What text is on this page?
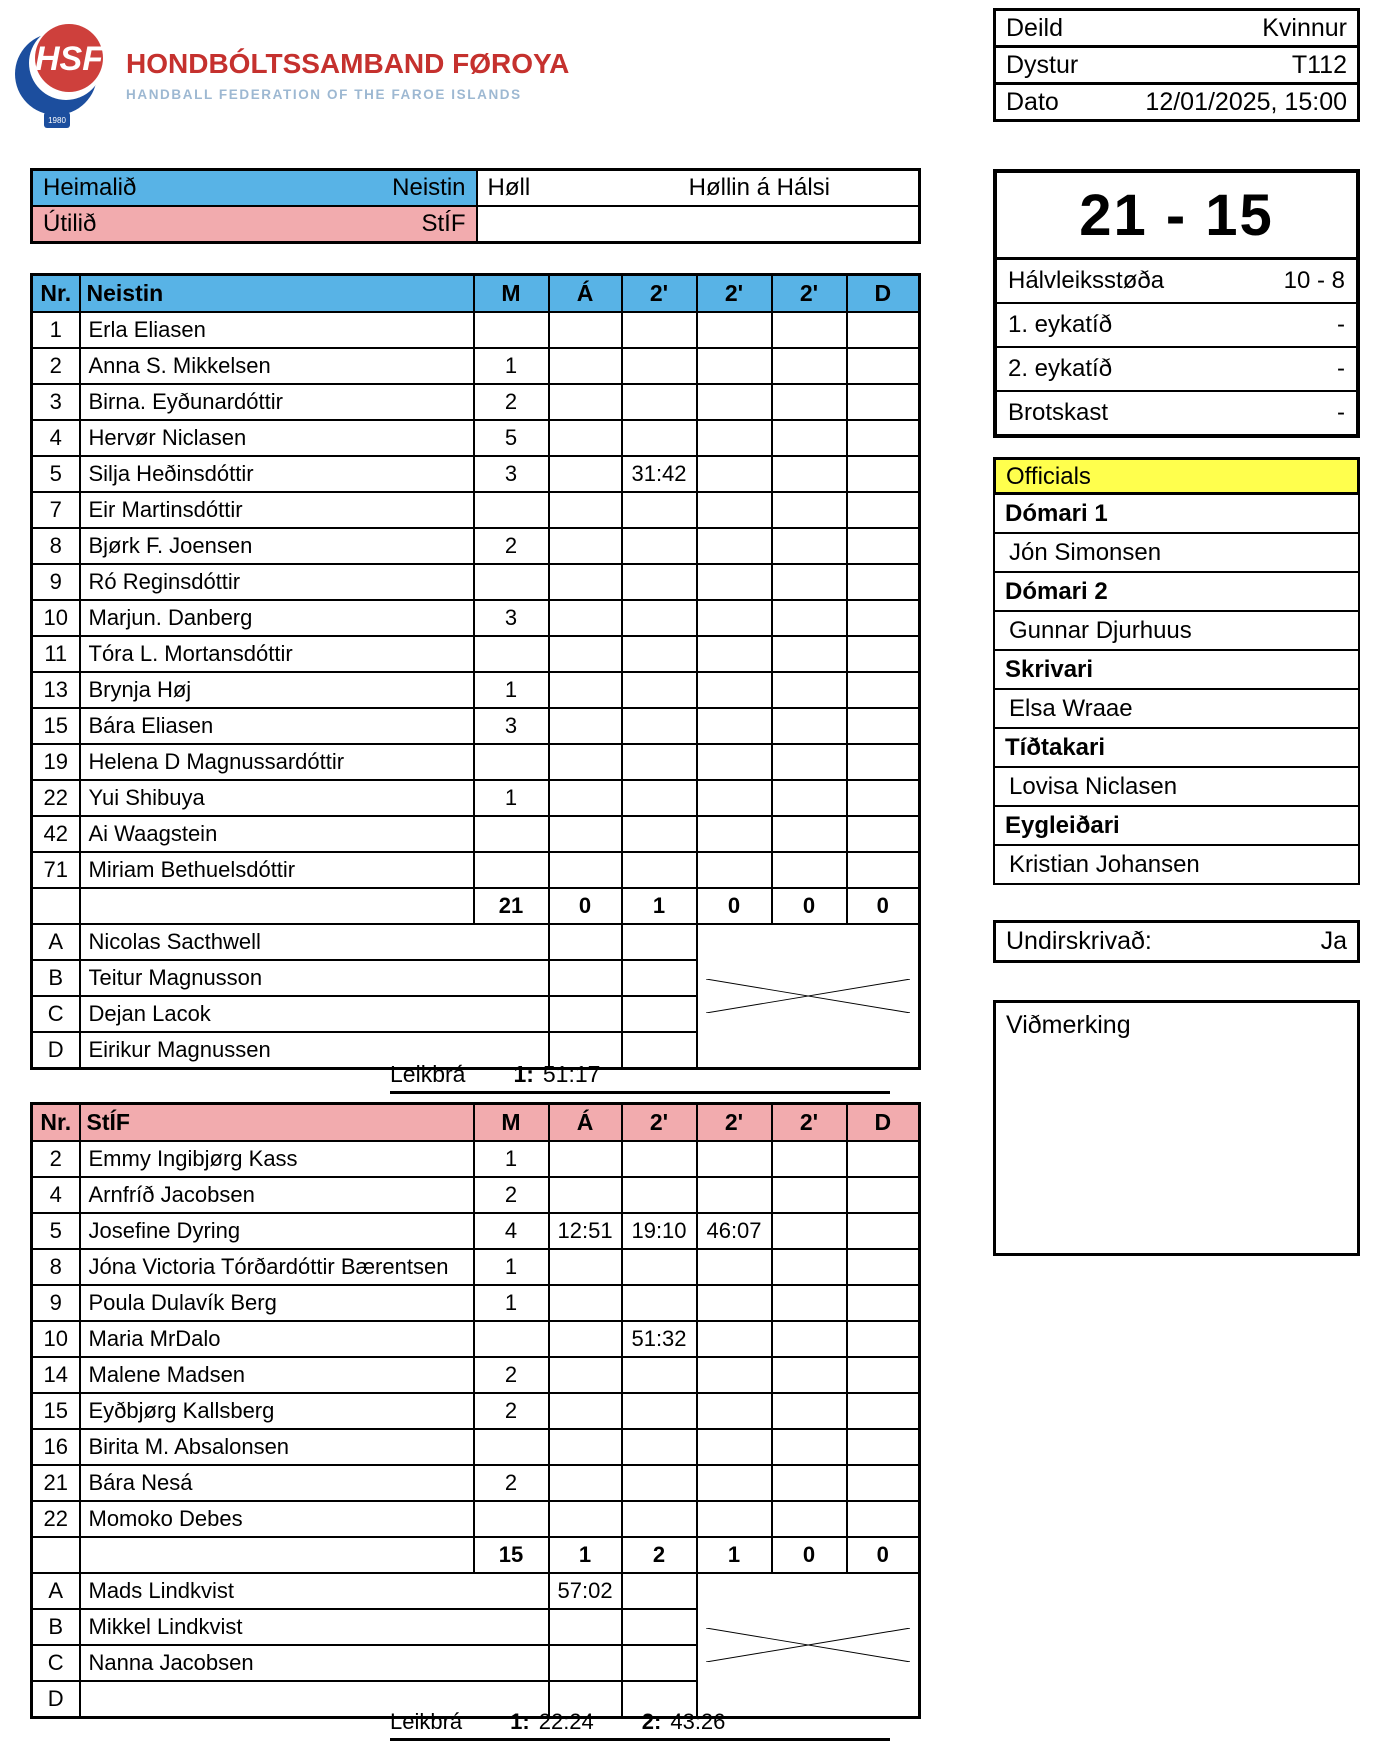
HSF
1980
HONDBÓLTSSAMBAND FØROYA
HANDBALL FEDERATION OF THE FAROE ISLANDS
Deild	Kvinnur
Dystur	T112
Dato	12/01/2025, 15:00
Heimalið Neistin	Høll Høllin á Hálsi

Útilið StÍF	
		21 - 15
Hálvleiksstøða	10 - 8
1. eykatíð	-
2. eykatíð	-
Brotskast	-
Officials
Dómari 1
Jón Simonsen
Dómari 2
Gunnar Djurhuus
Skrivari
Elsa Wraae
Tíðtakari
Lovisa Niclasen
Eygleiðari
Kristian Johansen
Undirskrivað:	Ja
Viðmerking
Nr.	Neistin	M	Á	2'	2'	2'	D
1	Erla Eliasen						
2	Anna S. Mikkelsen	1					
3	Birna. Eyðunardóttir	2					
4	Hervør Niclasen	5					
5	Silja Heðinsdóttir	3		31:42			
7	Eir Martinsdóttir						
8	Bjørk F. Joensen	2					
9	Ró Reginsdóttir						
10	Marjun. Danberg	3					
11	Tóra L. Mortansdóttir						
13	Brynja Høj	1					
15	Bára Eliasen	3					
19	Helena D Magnussardóttir						
22	Yui Shibuya	1					
42	Ai Waagstein						
71	Miriam Bethuelsdóttir						
		21	0	1	0	0	0
A	Nicolas Sacthwell			

B	Teitur Magnusson						
C	Dejan Lacok						
D	Eirikur Magnussen						
Leikbrá 1: 51:17
Nr.	StÍF	M	Á	2'	2'	2'	D
2	Emmy Ingibjørg Kass	1					
4	Arnfríð Jacobsen	2					
5	Josefine Dyring	4	12:51	19:10	46:07		
8	Jóna Victoria Tórðardóttir Bærentsen	1					
9	Poula Dulavík Berg	1					
10	Maria MrDalo			51:32			
14	Malene Madsen	2					
15	Eyðbjørg Kallsberg	2					
16	Birita M. Absalonsen						
21	Bára Nesá	2					
22	Momoko Debes						
		15	1	2	1	0	0
A	Mads Lindkvist		57:02		

B	Mikkel Lindkvist						
C	Nanna Jacobsen						
D							
Leikbrá 1: 22:24 2: 43:26
